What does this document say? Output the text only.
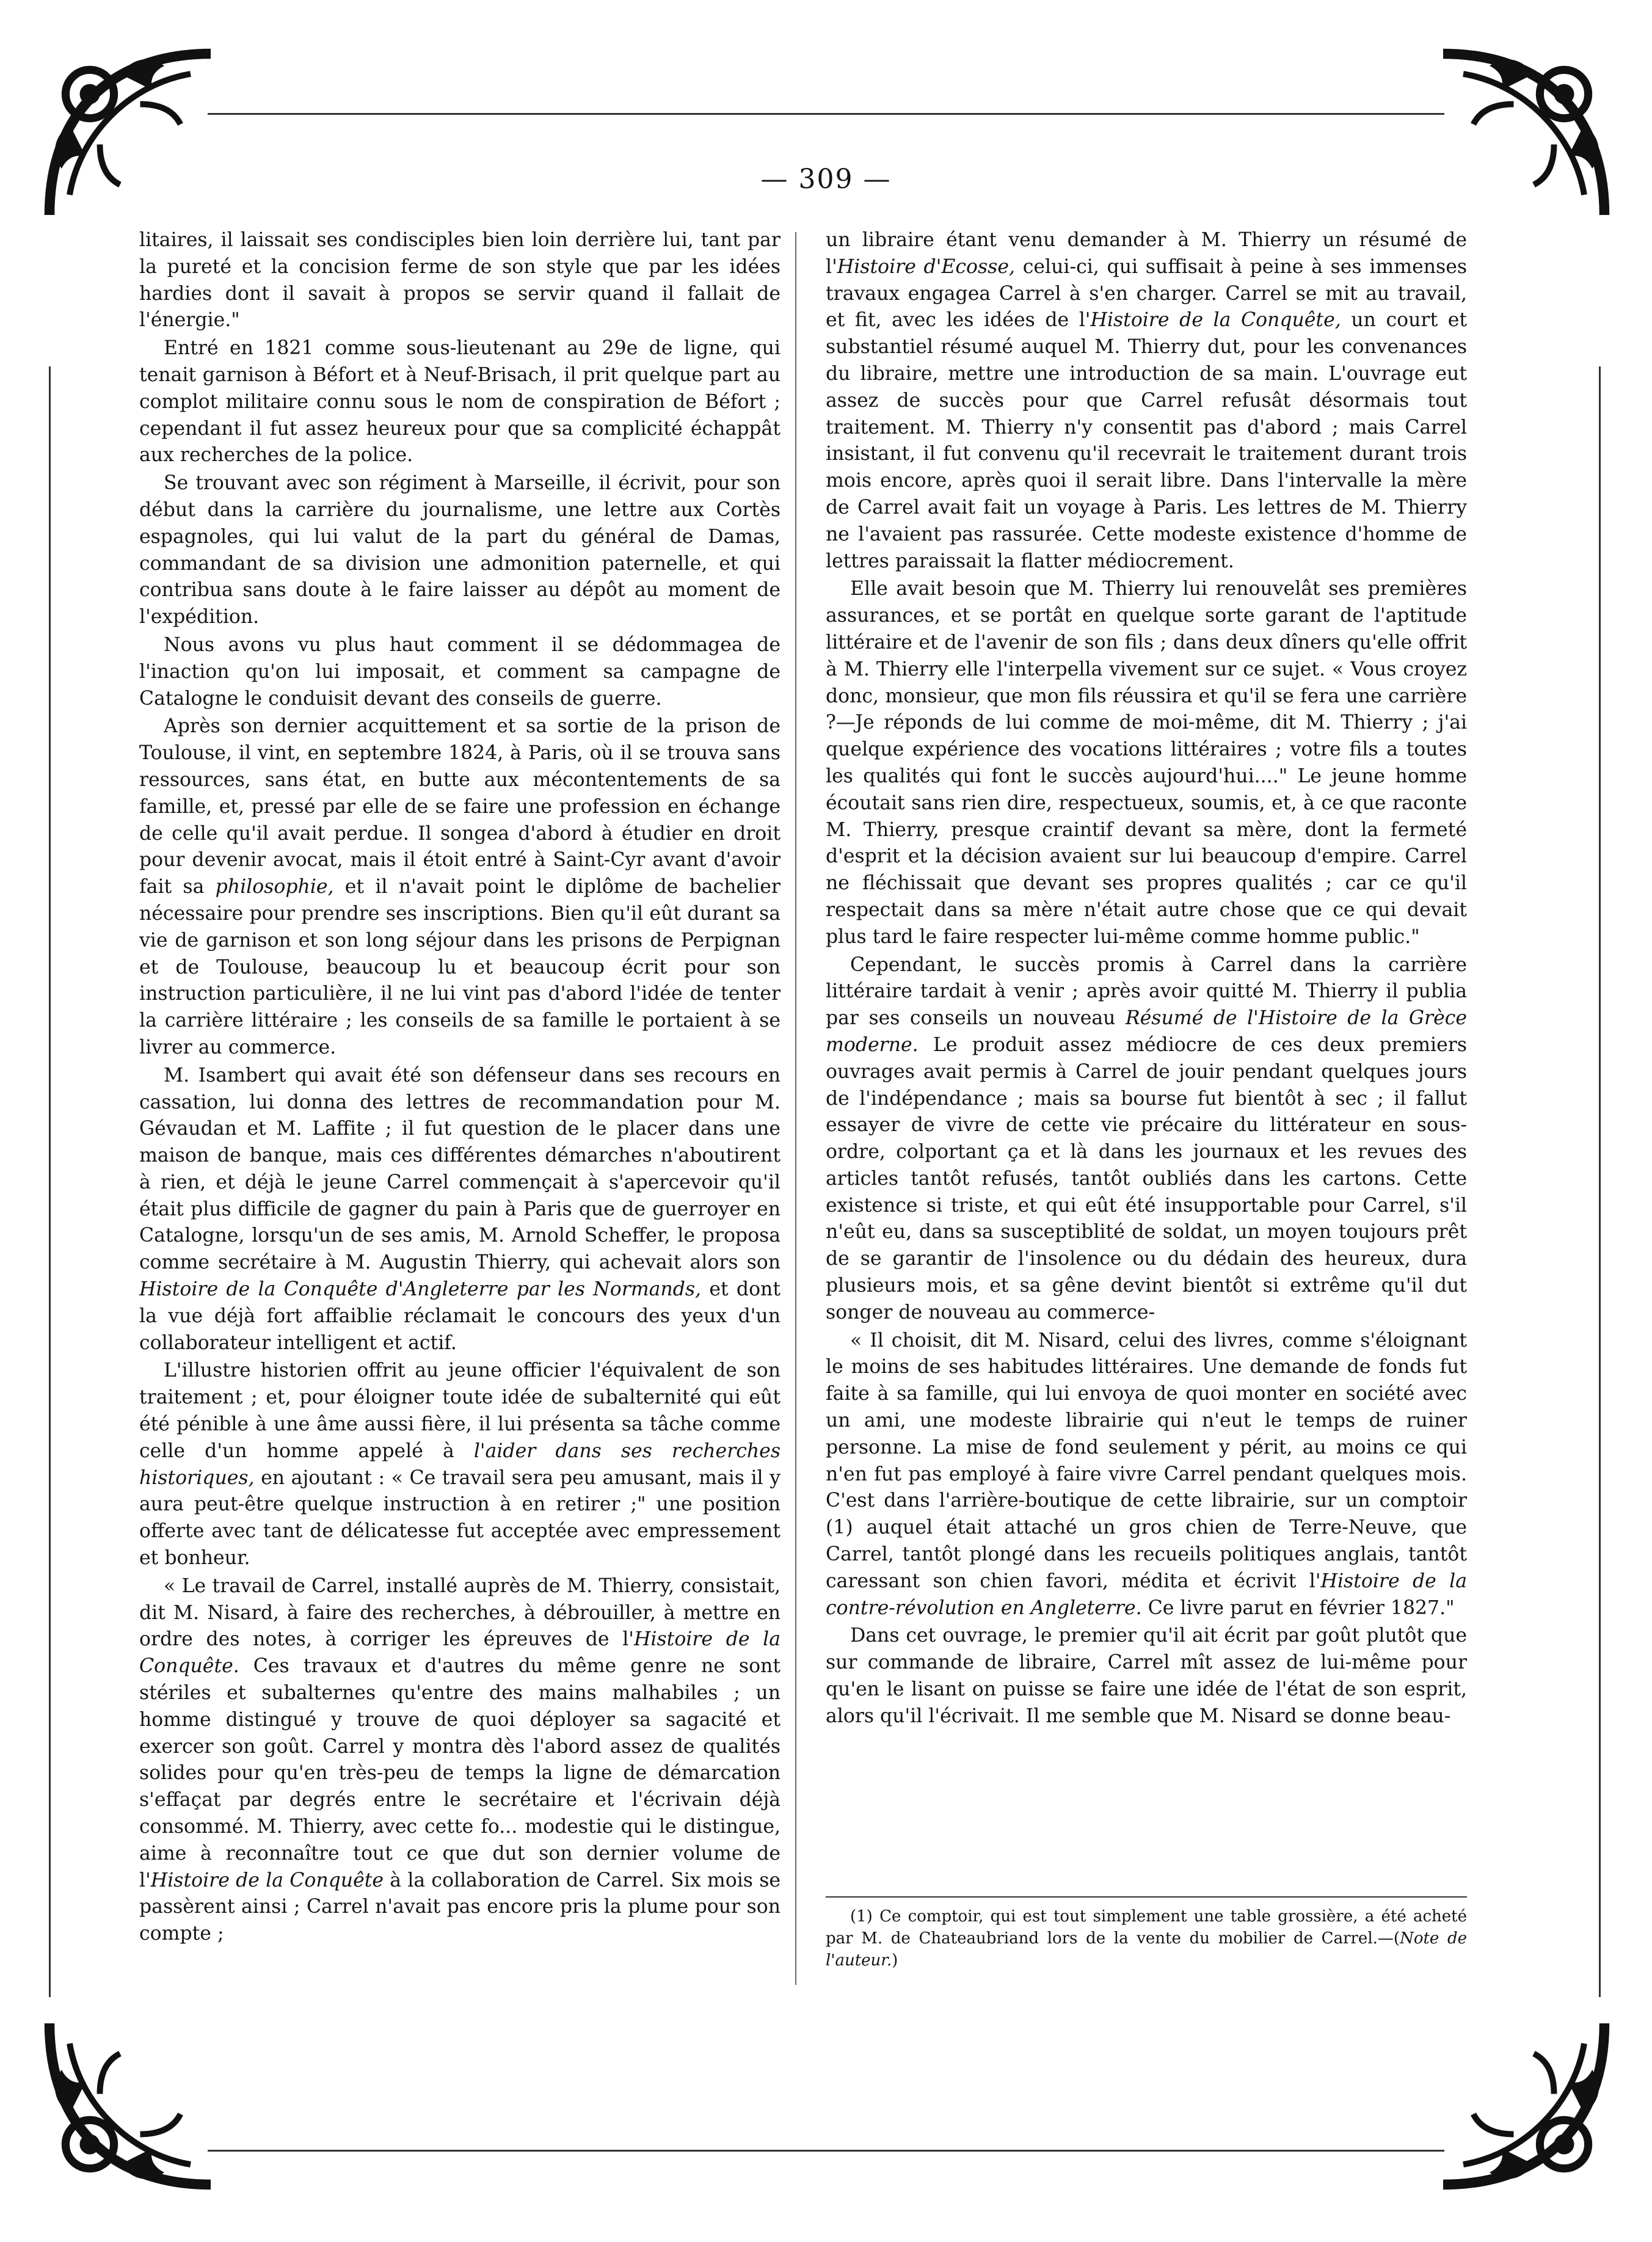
— 309 —

litaires, il laissait ses condisciples bien loin derrière lui, tant par la pureté et la concision ferme de son style que par les idées hardies dont il savait à propos se servir quand il fallait de l'énergie."

Entré en 1821 comme sous-lieutenant au 29e de ligne, qui tenait garnison à Béfort et à Neuf-Brisach, il prit quelque part au complot militaire connu sous le nom de conspiration de Béfort ; cependant il fut assez heureux pour que sa complicité échappât aux recherches de la police.

Se trouvant avec son régiment à Marseille, il écrivit, pour son début dans la carrière du journalisme, une lettre aux Cortès espagnoles, qui lui valut de la part du général de Damas, commandant de sa division une admonition paternelle, et qui contribua sans doute à le faire laisser au dépôt au moment de l'expédition.

Nous avons vu plus haut comment il se dédommagea de l'inaction qu'on lui imposait, et comment sa campagne de Catalogne le conduisit devant des conseils de guerre.

Après son dernier acquittement et sa sortie de la prison de Toulouse, il vint, en septembre 1824, à Paris, où il se trouva sans ressources, sans état, en butte aux mécontentements de sa famille, et, pressé par elle de se faire une profession en échange de celle qu'il avait perdue. Il songea d'abord à étudier en droit pour devenir avocat, mais il étoit entré à Saint-Cyr avant d'avoir fait sa philosophie, et il n'avait point le diplôme de bachelier nécessaire pour prendre ses inscriptions. Bien qu'il eût durant sa vie de garnison et son long séjour dans les prisons de Perpignan et de Toulouse, beaucoup lu et beaucoup écrit pour son instruction particulière, il ne lui vint pas d'abord l'idée de tenter la carrière littéraire ; les conseils de sa famille le portaient à se livrer au commerce.

M. Isambert qui avait été son défenseur dans ses recours en cassation, lui donna des lettres de recommandation pour M. Gévaudan et M. Laffite ; il fut question de le placer dans une maison de banque, mais ces différentes démarches n'aboutirent à rien, et déjà le jeune Carrel commençait à s'apercevoir qu'il était plus difficile de gagner du pain à Paris que de guerroyer en Catalogne, lorsqu'un de ses amis, M. Arnold Scheffer, le proposa comme secrétaire à M. Augustin Thierry, qui achevait alors son Histoire de la Conquête d'Angleterre par les Normands, et dont la vue déjà fort affaiblie réclamait le concours des yeux d'un collaborateur intelligent et actif.

L'illustre historien offrit au jeune officier l'équivalent de son traitement ; et, pour éloigner toute idée de subalternité qui eût été pénible à une âme aussi fière, il lui présenta sa tâche comme celle d'un homme appelé à l'aider dans ses recherches historiques, en ajoutant : « Ce travail sera peu amusant, mais il y aura peut-être quelque instruction à en retirer ;" une position offerte avec tant de délicatesse fut acceptée avec empressement et bonheur.

« Le travail de Carrel, installé auprès de M. Thierry, consistait, dit M. Nisard, à faire des recherches, à débrouiller, à mettre en ordre des notes, à corriger les épreuves de l'Histoire de la Conquête. Ces travaux et d'autres du même genre ne sont stériles et subalternes qu'entre des mains malhabiles ; un homme distingué y trouve de quoi déployer sa sagacité et exercer son goût. Carrel y montra dès l'abord assez de qualités solides pour qu'en très-peu de temps la ligne de démarcation s'effaçat par degrés entre le secrétaire et l'écrivain déjà consommé. M. Thierry, avec cette fo... modestie qui le distingue, aime à reconnaître tout ce que dut son dernier volume de l'Histoire de la Conquête à la collaboration de Carrel. Six mois se passèrent ainsi ; Carrel n'avait pas encore pris la plume pour son compte ;

un libraire étant venu demander à M. Thierry un résumé de l'Histoire d'Ecosse, celui-ci, qui suffisait à peine à ses immenses travaux engagea Carrel à s'en charger. Carrel se mit au travail, et fit, avec les idées de l'Histoire de la Conquête, un court et substantiel résumé auquel M. Thierry dut, pour les convenances du libraire, mettre une introduction de sa main. L'ouvrage eut assez de succès pour que Carrel refusât désormais tout traitement. M. Thierry n'y consentit pas d'abord ; mais Carrel insistant, il fut convenu qu'il recevrait le traitement durant trois mois encore, après quoi il serait libre. Dans l'intervalle la mère de Carrel avait fait un voyage à Paris. Les lettres de M. Thierry ne l'avaient pas rassurée. Cette modeste existence d'homme de lettres paraissait la flatter médiocrement.

Elle avait besoin que M. Thierry lui renouvelât ses premières assurances, et se portât en quelque sorte garant de l'aptitude littéraire et de l'avenir de son fils ; dans deux dîners qu'elle offrit à M. Thierry elle l'interpella vivement sur ce sujet. « Vous croyez donc, monsieur, que mon fils réussira et qu'il se fera une carrière ?—Je réponds de lui comme de moi-même, dit M. Thierry ; j'ai quelque expérience des vocations littéraires ; votre fils a toutes les qualités qui font le succès aujourd'hui...." Le jeune homme écoutait sans rien dire, respectueux, soumis, et, à ce que raconte M. Thierry, presque craintif devant sa mère, dont la fermeté d'esprit et la décision avaient sur lui beaucoup d'empire. Carrel ne fléchissait que devant ses propres qualités ; car ce qu'il respectait dans sa mère n'était autre chose que ce qui devait plus tard le faire respecter lui-même comme homme public."

Cependant, le succès promis à Carrel dans la carrière littéraire tardait à venir ; après avoir quitté M. Thierry il publia par ses conseils un nouveau Résumé de l'Histoire de la Grèce moderne. Le produit assez médiocre de ces deux premiers ouvrages avait permis à Carrel de jouir pendant quelques jours de l'indépendance ; mais sa bourse fut bientôt à sec ; il fallut essayer de vivre de cette vie précaire du littérateur en sous-ordre, colportant ça et là dans les journaux et les revues des articles tantôt refusés, tantôt oubliés dans les cartons. Cette existence si triste, et qui eût été insupportable pour Carrel, s'il n'eût eu, dans sa susceptiblité de soldat, un moyen toujours prêt de se garantir de l'insolence ou du dédain des heureux, dura plusieurs mois, et sa gêne devint bientôt si extrême qu'il dut songer de nouveau au commerce-

« Il choisit, dit M. Nisard, celui des livres, comme s'éloignant le moins de ses habitudes littéraires. Une demande de fonds fut faite à sa famille, qui lui envoya de quoi monter en société avec un ami, une modeste librairie qui n'eut le temps de ruiner personne. La mise de fond seulement y périt, au moins ce qui n'en fut pas employé à faire vivre Carrel pendant quelques mois. C'est dans l'arrière-boutique de cette librairie, sur un comptoir (1) auquel était attaché un gros chien de Terre-Neuve, que Carrel, tantôt plongé dans les recueils politiques anglais, tantôt caressant son chien favori, médita et écrivit l'Histoire de la contre-révolution en Angleterre. Ce livre parut en février 1827."

Dans cet ouvrage, le premier qu'il ait écrit par goût plutôt que sur commande de libraire, Carrel mît assez de lui-même pour qu'en le lisant on puisse se faire une idée de l'état de son esprit, alors qu'il l'écrivait. Il me semble que M. Nisard se donne beau-

(1) Ce comptoir, qui est tout simplement une table grossière, a été acheté par M. de Chateaubriand lors de la vente du mobilier de Carrel.—(Note de l'auteur.)
